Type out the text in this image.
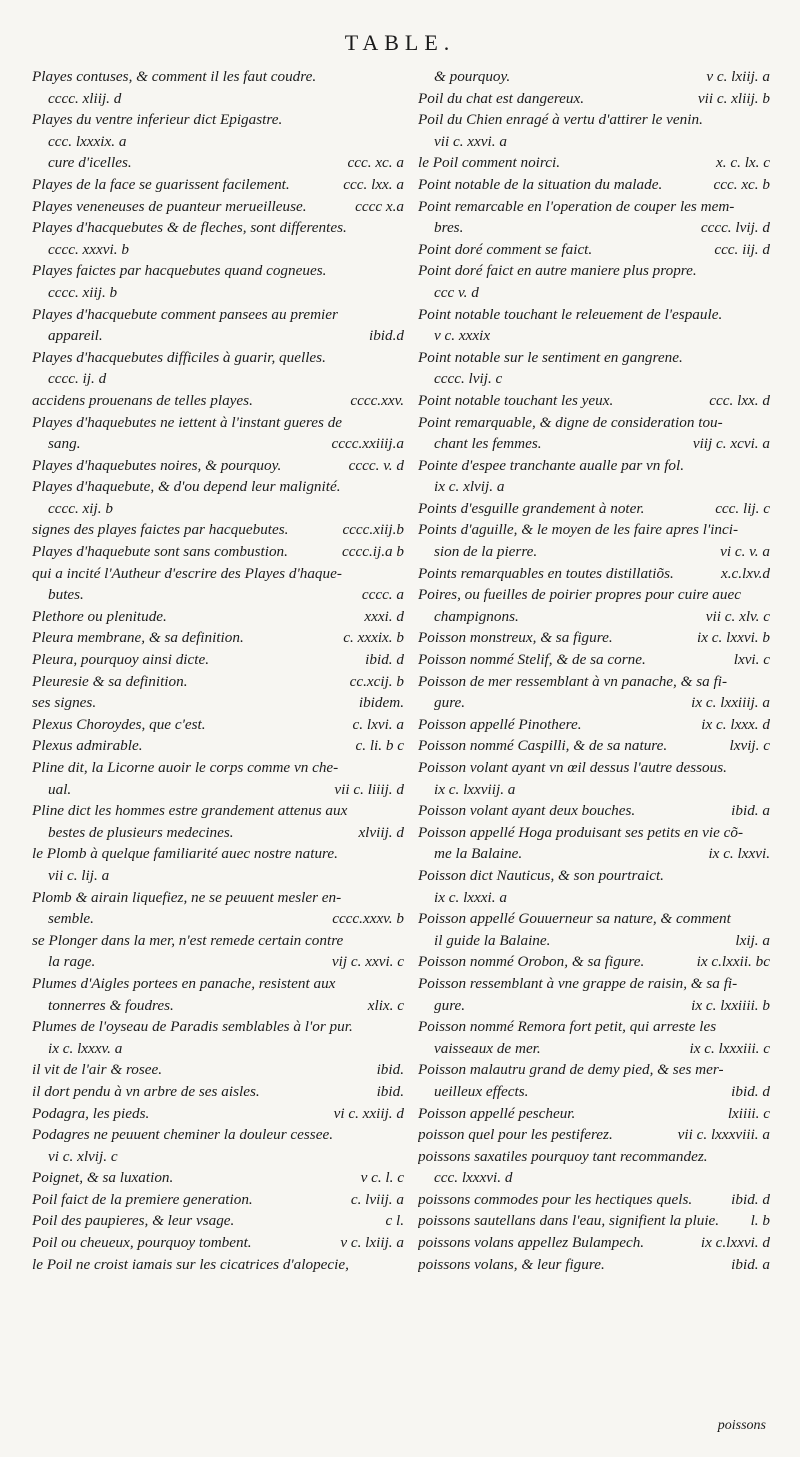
TABLE.
Playes contuses, & comment il les faut coudre.
cccc. xliij. d
Playes du ventre inferieur dict Epigastre.
ccc. lxxxix. a
cure d'icelles.	ccc. xc. a
Playes de la face se guarissent facilement.	ccc. lxx. a
Playes veneneuses de puanteur merueilleuse.	cccc x.a
Playes d'hacquebutes & de fleches, sont differentes.
cccc. xxxvi. b
Playes faictes par hacquebutes quand cogneues.
cccc. xiij. b
Playes d'hacquebute comment pansees au premier
appareil.	ibid.d
Playes d'hacquebutes difficiles à guarir, quelles.
cccc. ij. d
accidens prouenans de telles playes.	cccc.xxv.
Playes d'haquebutes ne iettent à l'instant gueres de
sang.	cccc.xxiiij.a
Playes d'haquebutes noires, & pourquoy.	cccc. v. d
Playes d'haquebute, & d'ou depend leur malignité.
cccc. xij. b
signes des playes faictes par hacquebutes.	cccc.xiij.b
Playes d'haquebute sont sans combustion.	cccc.ij.a b
qui a incité l'Autheur d'escrire des Playes d'haque-
butes.	cccc. a
Plethore ou plenitude.	xxxi. d
Pleura membrane, & sa definition.	c. xxxix. b
Pleura, pourquoy ainsi dicte.	ibid. d
Pleuresie & sa definition.	cc.xcij. b
ses signes.	ibidem.
Plexus Choroydes, que c'est.	c. lxvi. a
Plexus admirable.	c. li. b c
Pline dit, la Licorne auoir le corps comme vn che-
ual.	vii c. liiij. d
Pline dict les hommes estre grandement attenus aux
bestes de plusieurs medecines.	xlviij. d
le Plomb à quelque familiarité auec nostre nature.
vii c. lij. a
Plomb & airain liquefiez, ne se peuuent mesler en-
semble.	cccc.xxxv. b
se Plonger dans la mer, n'est remede certain contre
la rage.	vij c. xxvi. c
Plumes d'Aigles portees en panache, resistent aux
tonnerres & foudres.	xlix. c
Plumes de l'oyseau de Paradis semblables à l'or pur.
ix c. lxxxv. a
il vit de l'air & rosee.	ibid.
il dort pendu à vn arbre de ses aisles.	ibid.
Podagra, les pieds.	vi c. xxiij. d
Podagres ne peuuent cheminer la douleur cessee.
vi c. xlvij. c
Poignet, & sa luxation.	v c. l. c
Poil faict de la premiere generation.	c. lviij. a
Poil des paupieres, & leur vsage.	c l.
Poil ou cheueux, pourquoy tombent.	v c. lxiij. a
le Poil ne croist iamais sur les cicatrices d'alopecie,
& pourquoy.	v c. lxiij. a
Poil du chat est dangereux.	vii c. xliij. b
Poil du Chien enragé à vertu d'attirer le venin.
vii c. xxvi. a
le Poil comment noirci.	x. c. lx. c
Point notable de la situation du malade.	ccc. xc. b
Point remarcable en l'operation de couper les mem-
bres.	cccc. lvij. d
Point doré comment se faict.	ccc. iij. d
Point doré faict en autre maniere plus propre.
ccc v. d
Point notable touchant le releuement de l'espaule.
v c. xxxix
Point notable sur le sentiment en gangrene.
cccc. lvij. c
Point notable touchant les yeux.	ccc. lxx. d
Point remarquable, & digne de consideration tou-
chant les femmes.	viij c. xcvi. a
Pointe d'espee tranchante aualle par vn fol.
ix c. xlvij. a
Points d'esguille grandement à noter.	ccc. lij. c
Points d'aguille, & le moyen de les faire apres l'inci-
sion de la pierre.	vi c. v. a
Points remarquables en toutes distillatiõs.	x.c.lxv.d
Poires, ou fueilles de poirier propres pour cuire auec
champignons.	vii c. xlv. c
Poisson monstreux, & sa figure.	ix c. lxxvi. b
Poisson nommé Stelif, & de sa corne.	lxvi. c
Poisson de mer ressemblant à vn panache, & sa fi-
gure.	ix c. lxxiiij. a
Poisson appellé Pinothere.	ix c. lxxx. d
Poisson nommé Caspilli, & de sa nature.	lxvij. c
Poisson volant ayant vn œil dessus l'autre dessous.
ix c. lxxviij. a
Poisson volant ayant deux bouches.	ibid. a
Poisson appellé Hoga produisant ses petits en vie cõ-
me la Balaine.	ix c. lxxvi.
Poisson dict Nauticus, & son pourtraict.
ix c. lxxxi. a
Poisson appellé Gouuerneur sa nature, & comment
il guide la Balaine.	lxij. a
Poisson nommé Orobon, & sa figure.	ix c.lxxii. bc
Poisson ressemblant à vne grappe de raisin, & sa fi-
gure.	ix c. lxxiiii. b
Poisson nommé Remora fort petit, qui arreste les
vaisseaux de mer.	ix c. lxxxiii. c
Poisson malautru grand de demy pied, & ses mer-
ueilleux effects.	ibid. d
Poisson appellé pescheur.	lxiiii. c
poisson quel pour les pestiferez.	vii c. lxxxviii. a
poissons saxatiles pourquoy tant recommandez.
ccc. lxxxvi. d
poissons commodes pour les hectiques quels.	ibid. d
poissons sautellans dans l'eau, signifient la pluie.	l. b
poissons volans appellez Bulampech.	ix c.lxxvi. d
poissons volans, & leur figure.	ibid. a
poissons
